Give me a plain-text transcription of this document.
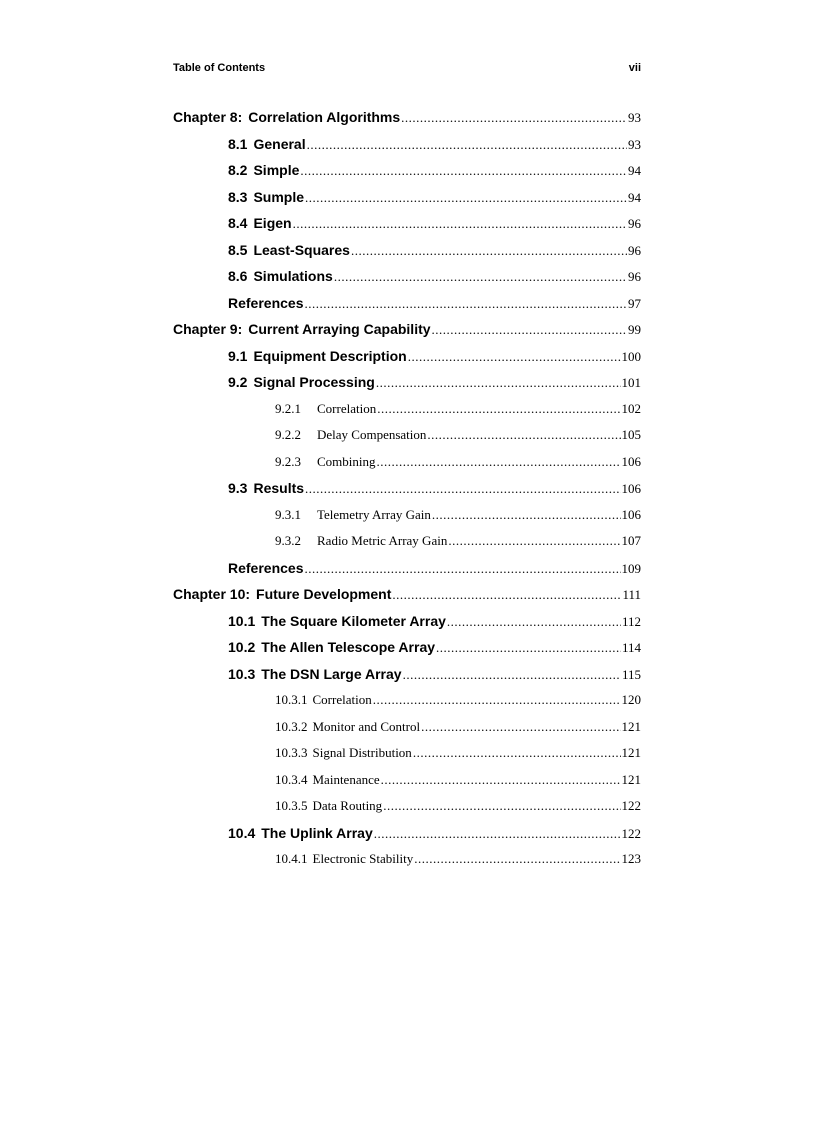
Table of Contents	vii
Chapter 8: Correlation Algorithms .....	93
8.1 General .....	93
8.2 Simple .....	94
8.3 Sumple .....	94
8.4 Eigen .....	96
8.5 Least-Squares .....	96
8.6 Simulations .....	96
References .....	97
Chapter 9: Current Arraying Capability .....	99
9.1 Equipment Description .....	100
9.2 Signal Processing .....	101
9.2.1 Correlation .....	102
9.2.2 Delay Compensation .....	105
9.2.3 Combining .....	106
9.3 Results .....	106
9.3.1 Telemetry Array Gain .....	106
9.3.2 Radio Metric Array Gain .....	107
References .....	109
Chapter 10: Future Development .....	111
10.1 The Square Kilometer Array .....	112
10.2 The Allen Telescope Array .....	114
10.3 The DSN Large Array .....	115
10.3.1 Correlation .....	120
10.3.2 Monitor and Control .....	121
10.3.3 Signal Distribution .....	121
10.3.4 Maintenance .....	121
10.3.5 Data Routing .....	122
10.4 The Uplink Array .....	122
10.4.1 Electronic Stability .....	123
